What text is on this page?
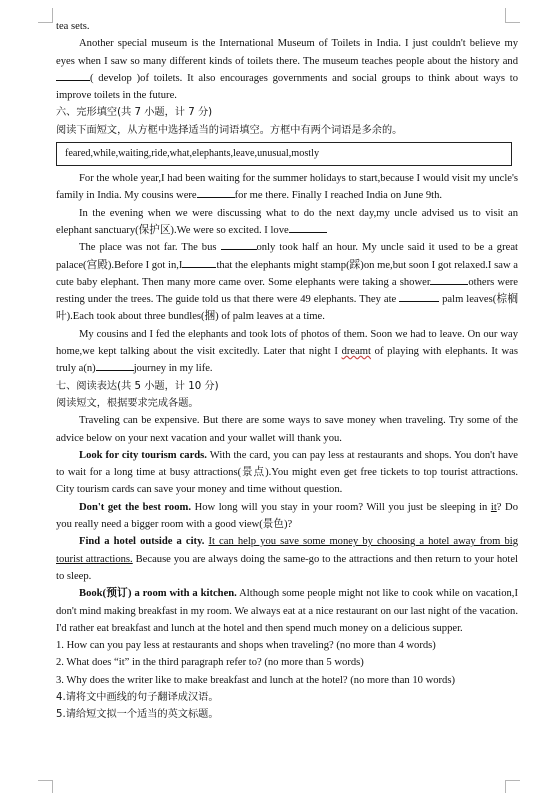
tea sets.

Another special museum is the International Museum of Toilets in India. I just couldn't believe my eyes when I saw so many different kinds of toilets there. The museum teaches people about the history and( develop )of toilets. It also encourages governments and social groups to think about ways to improve toilets in the future.

六、完形填空(共 7 小题，计 7 分)

阅读下面短文，从方框中选择适当的词语填空。方框中有两个词语是多余的。

feared,while,waiting,ride,what,elephants,leave,unusual,mostly

For the whole year,I had been waiting for the summer holidays to start,because I would visit my uncle's family in India. My cousins were	for me there. Finally I reached India on June 9th.

In the evening when we were discussing what to do the next day,my uncle advised us to visit an elephant sanctuary(保护区).We were so excited. I love

The place was not far. The bus	only took half an hour. My uncle said it used to be a great palace(宫殿).Before I got in,I	that the elephants might stamp(踩)on me,but soon I got relaxed.I saw a cute baby elephant. Then many more came over. Some elephants were taking a shower	others were resting under the trees. The guide told us that there were 49 elephants. They ate	palm leaves(棕榈叶).Each took about three bundles(捆) of palm leaves at a time.

My cousins and I fed the elephants and took lots of photos of them. Soon we had to leave. On our way home,we kept talking about the visit excitedly. Later that night I dreamt of playing with elephants. It was truly a(n)	journey in my life.

七、阅读表达(共 5 小题，计 10 分)

阅读短文，根据要求完成各题。

Traveling can be expensive. But there are some ways to save money when traveling. Try some of the advice below on your next vacation and your wallet will thank you.

Look for city tourism cards. With the card, you can pay less at restaurants and shops. You don't have to wait for a long time at busy attractions(景点).You might even get free tickets to top tourist attractions. City tourism cards can save your money and time without question.

Don't get the best room. How long will you stay in your room? Will you just be sleeping in it? Do you really need a bigger room with a good view(景色)?

Find a hotel outside a city. It can help you save some money by choosing a hotel away from big tourist attractions. Because you are always doing the same-go to the attractions and then return to your hotel to sleep.

Book(预订) a room with a kitchen. Although some people might not like to cook while on vacation,I don't mind making breakfast in my room. We always eat at a nice restaurant on our last night of the vacation. I'd rather eat breakfast and lunch at the hotel and then spend much money on a delicious supper.

1. How can you pay less at restaurants and shops when traveling? (no more than 4 words)

2. What does “it” in the third paragraph refer to? (no more than 5 words)

3. Why does the writer like to make breakfast and lunch at the hotel? (no more than 10 words)

4.请将文中画线的句子翻译成汉语。

5.请给短文拟一个适当的英文标题。
